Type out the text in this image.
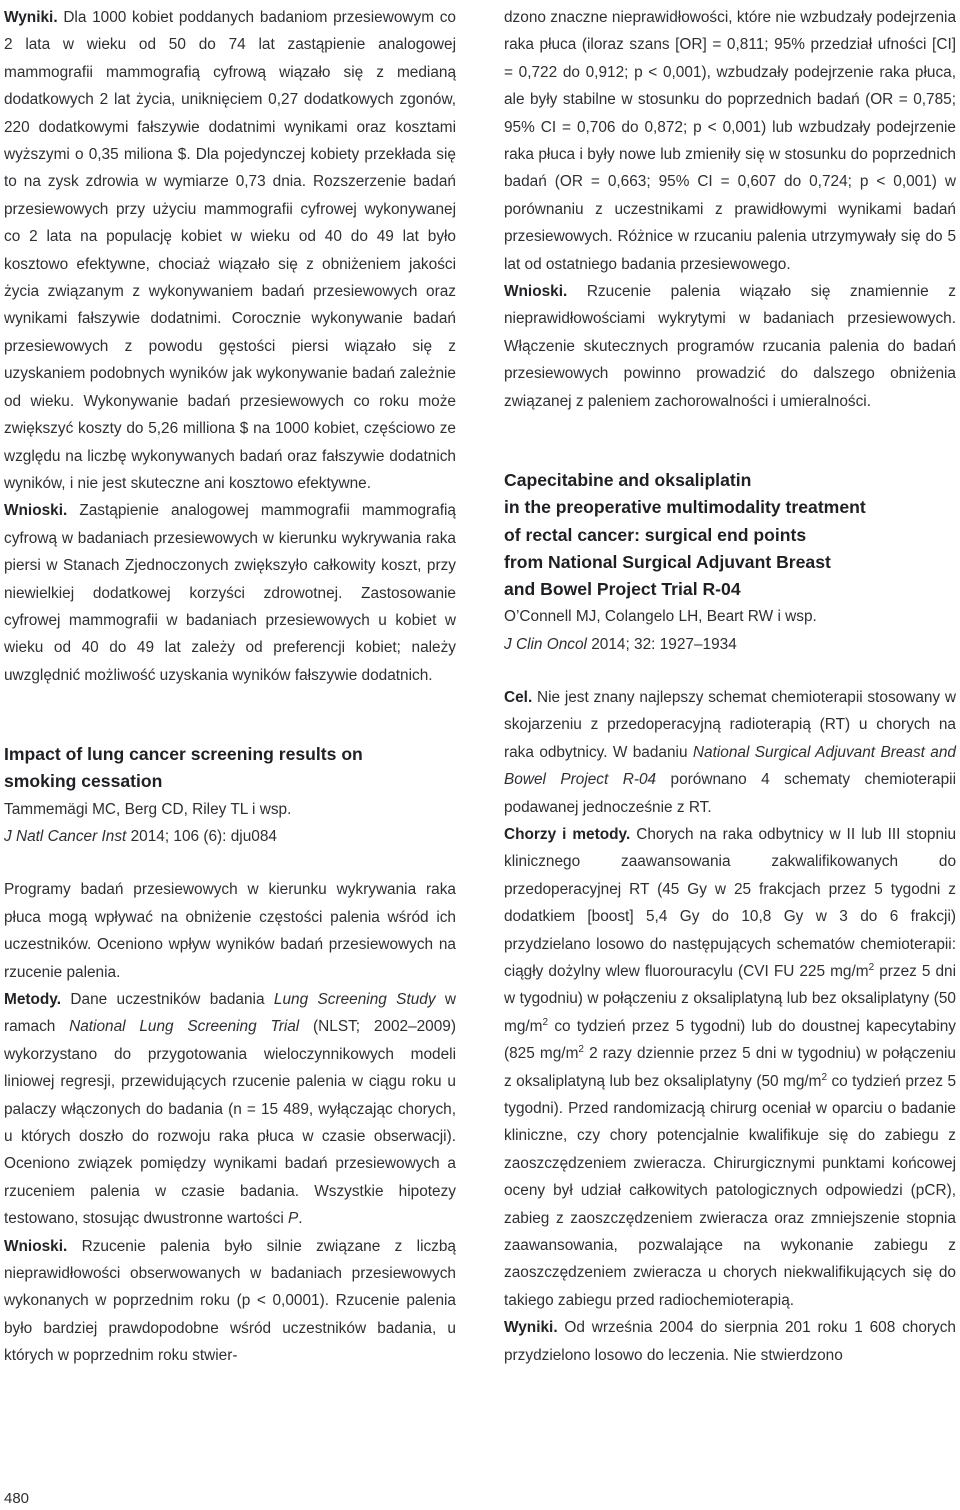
Wyniki. Dla 1000 kobiet poddanych badaniom przesiewowym co 2 lata w wieku od 50 do 74 lat zastąpienie analogowej mammografii mammografią cyfrową wiązało się z medianą dodatkowych 2 lat życia, uniknięciem 0,27 dodatkowych zgonów, 220 dodatkowymi fałszywie dodatnimi wynikami oraz kosztami wyższymi o 0,35 miliona $. Dla pojedynczej kobiety przekłada się to na zysk zdrowia w wymiarze 0,73 dnia. Rozszerzenie badań przesiewowych przy użyciu mammografii cyfrowej wykonywanej co 2 lata na populację kobiet w wieku od 40 do 49 lat było kosztowo efektywne, chociaż wiązało się z obniżeniem jakości życia związanym z wykonywaniem badań przesiewowych oraz wynikami fałszywie dodatnimi. Corocznie wykonywanie badań przesiewowych z powodu gęstości piersi wiązało się z uzyskaniem podobnych wyników jak wykonywanie badań zależnie od wieku. Wykonywanie badań przesiewowych co roku może zwiększyć koszty do 5,26 milliona $ na 1000 kobiet, częściowo ze względu na liczbę wykonywanych badań oraz fałszywie dodatnich wyników, i nie jest skuteczne ani kosztowo efektywne.

Wnioski. Zastąpienie analogowej mammografii mammografią cyfrową w badaniach przesiewowych w kierunku wykrywania raka piersi w Stanach Zjednoczonych zwiększyło całkowity koszt, przy niewielkiej dodatkowej korzyści zdrowotnej. Zastosowanie cyfrowej mammografii w badaniach przesiewowych u kobiet w wieku od 40 do 49 lat zależy od preferencji kobiet; należy uwzględnić możliwość uzyskania wyników fałszywie dodatnich.

Impact of lung cancer screening results on
smoking cessation

Tammemägi MC, Berg CD, Riley TL i wsp.

J Natl Cancer Inst 2014; 106 (6): dju084

Programy badań przesiewowych w kierunku wykrywania raka płuca mogą wpływać na obniżenie częstości palenia wśród ich uczestników. Oceniono wpływ wyników badań przesiewowych na rzucenie palenia.

Metody. Dane uczestników badania Lung Screening Study w ramach National Lung Screening Trial (NLST; 2002–2009) wykorzystano do przygotowania wieloczynnikowych modeli liniowej regresji, przewidujących rzucenie palenia w ciągu roku u palaczy włączonych do badania (n = 15 489, wyłączając chorych, u których doszło do rozwoju raka płuca w czasie obserwacji). Oceniono związek pomiędzy wynikami badań przesiewowych a rzuceniem palenia w czasie badania. Wszystkie hipotezy testowano, stosując dwustronne wartości P.

Wnioski. Rzucenie palenia było silnie związane z liczbą nieprawidłowości obserwowanych w badaniach przesiewowych wykonanych w poprzednim roku (p < 0,0001). Rzucenie palenia było bardziej prawdopodobne wśród uczestników badania, u których w poprzednim roku stwier-

dzono znaczne nieprawidłowości, które nie wzbudzały podejrzenia raka płuca (iloraz szans [OR] = 0,811; 95% przedział ufności [CI] = 0,722 do 0,912; p < 0,001), wzbudzały podejrzenie raka płuca, ale były stabilne w stosunku do poprzednich badań (OR = 0,785; 95% CI = 0,706 do 0,872; p < 0,001) lub wzbudzały podejrzenie raka płuca i były nowe lub zmieniły się w stosunku do poprzednich badań (OR = 0,663; 95% CI = 0,607 do 0,724; p < 0,001) w porównaniu z uczestnikami z prawidłowymi wynikami badań przesiewowych. Różnice w rzucaniu palenia utrzymywały się do 5 lat od ostatniego badania przesiewowego.

Wnioski. Rzucenie palenia wiązało się znamiennie z nieprawidłowościami wykrytymi w badaniach przesiewowych. Włączenie skutecznych programów rzucania palenia do badań przesiewowych powinno prowadzić do dalszego obniżenia związanej z paleniem zachorowalności i umieralności.

Capecitabine and oksaliplatin
in the preoperative multimodality treatment
of rectal cancer: surgical end points
from National Surgical Adjuvant Breast
and Bowel Project Trial R-04

O’Connell MJ, Colangelo LH, Beart RW i wsp.

J Clin Oncol 2014; 32: 1927–1934

Cel. Nie jest znany najlepszy schemat chemioterapii stosowany w skojarzeniu z przedoperacyjną radioterapią (RT) u chorych na raka odbytnicy. W badaniu National Surgical Adjuvant Breast and Bowel Project R-04 porównano 4 schematy chemioterapii podawanej jednocześnie z RT.

Chorzy i metody. Chorych na raka odbytnicy w II lub III stopniu klinicznego zaawansowania zakwalifikowanych do przedoperacyjnej RT (45 Gy w 25 frakcjach przez 5 tygodni z dodatkiem [boost] 5,4 Gy do 10,8 Gy w 3 do 6 frakcji) przydzielano losowo do następujących schematów chemioterapii: ciągły dożylny wlew fluorouracylu (CVI FU 225 $mg/m^2$ przez 5 dni w tygodniu) w połączeniu z oksaliplatyną lub bez oksaliplatyny (50 $mg/m^2$ co tydzień przez 5 tygodni) lub do doustnej kapecytabiny (825 $mg/m^2$ 2 razy dziennie przez 5 dni w tygodniu) w połączeniu z oksaliplatyną lub bez oksaliplatyny (50 $mg/m^2$ co tydzień przez 5 tygodni). Przed randomizacją chirurg oceniał w oparciu o badanie kliniczne, czy chory potencjalnie kwalifikuje się do zabiegu z zaoszczędzeniem zwieracza. Chirurgicznymi punktami końcowej oceny był udział całkowitych patologicznych odpowiedzi (pCR), zabieg z zaoszczędzeniem zwieracza oraz zmniejszenie stopnia zaawansowania, pozwalające na wykonanie zabiegu z zaoszczędzeniem zwieracza u chorych niekwalifikujących się do takiego zabiegu przed radiochemioterapią.

Wyniki. Od września 2004 do sierpnia 201 roku 1 608 chorych przydzielono losowo do leczenia. Nie stwierdzono

480
